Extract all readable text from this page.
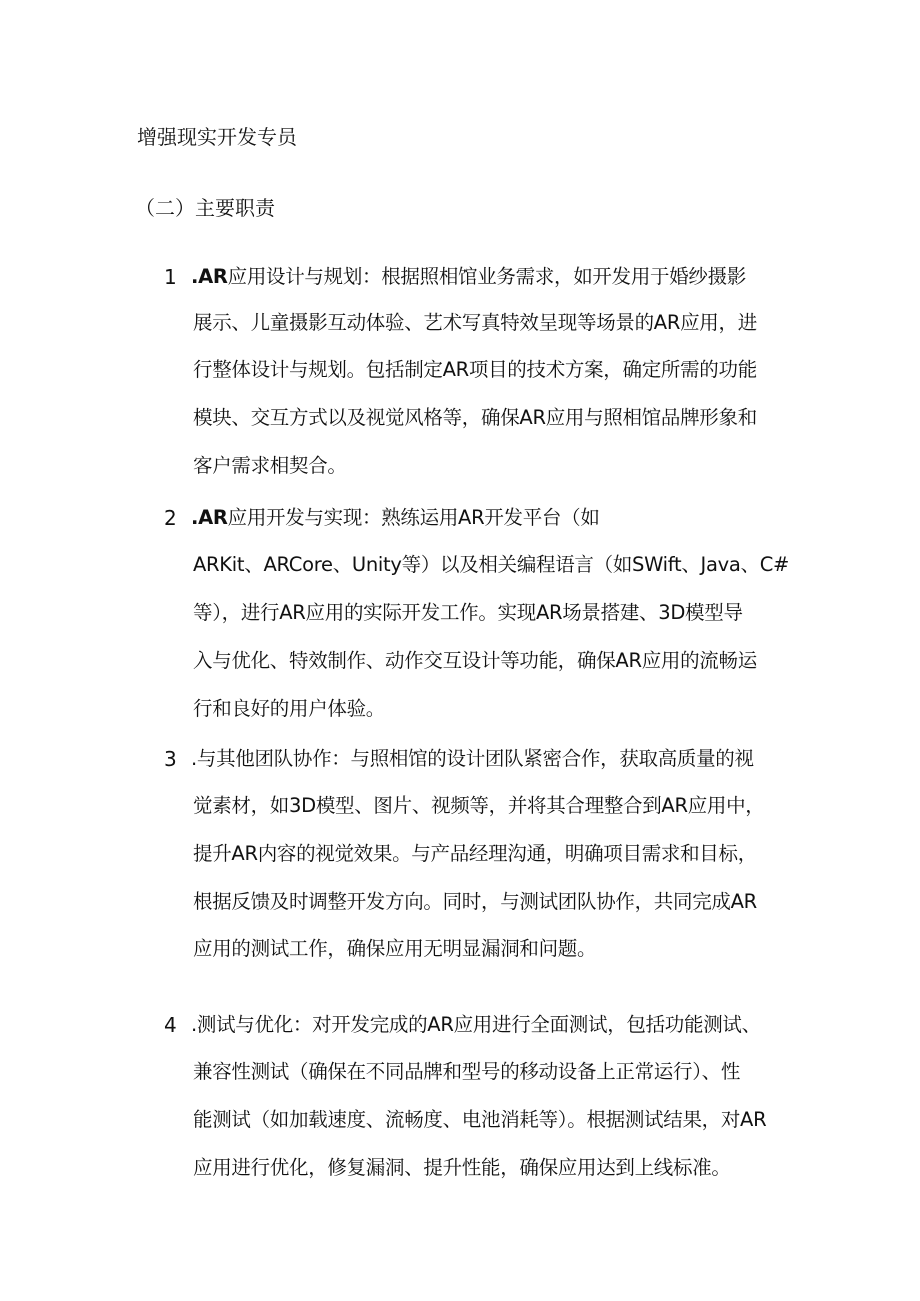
增强现实开发专员
（二）主要职责
1 .AR应用设计与规划：根据照相馆业务需求，如开发用于婚纱摄影
展示、儿童摄影互动体验、艺术写真特效呈现等场景的AR应用，进
行整体设计与规划。包括制定AR项目的技术方案，确定所需的功能
模块、交互方式以及视觉风格等，确保AR应用与照相馆品牌形象和
客户需求相契合。
2 .AR应用开发与实现：熟练运用AR开发平台（如
ARKit、ARCore、Unity等）以及相关编程语言（如SWift、Java、C#
等），进行AR应用的实际开发工作。实现AR场景搭建、3D模型导
入与优化、特效制作、动作交互设计等功能，确保AR应用的流畅运
行和良好的用户体验。
3 .与其他团队协作：与照相馆的设计团队紧密合作，获取高质量的视
觉素材，如3D模型、图片、视频等，并将其合理整合到AR应用中，
提升AR内容的视觉效果。与产品经理沟通，明确项目需求和目标，
根据反馈及时调整开发方向。同时，与测试团队协作，共同完成AR
应用的测试工作，确保应用无明显漏洞和问题。
4 .测试与优化：对开发完成的AR应用进行全面测试，包括功能测试、
兼容性测试（确保在不同品牌和型号的移动设备上正常运行）、性
能测试（如加载速度、流畅度、电池消耗等）。根据测试结果，对AR
应用进行优化，修复漏洞、提升性能，确保应用达到上线标准。
